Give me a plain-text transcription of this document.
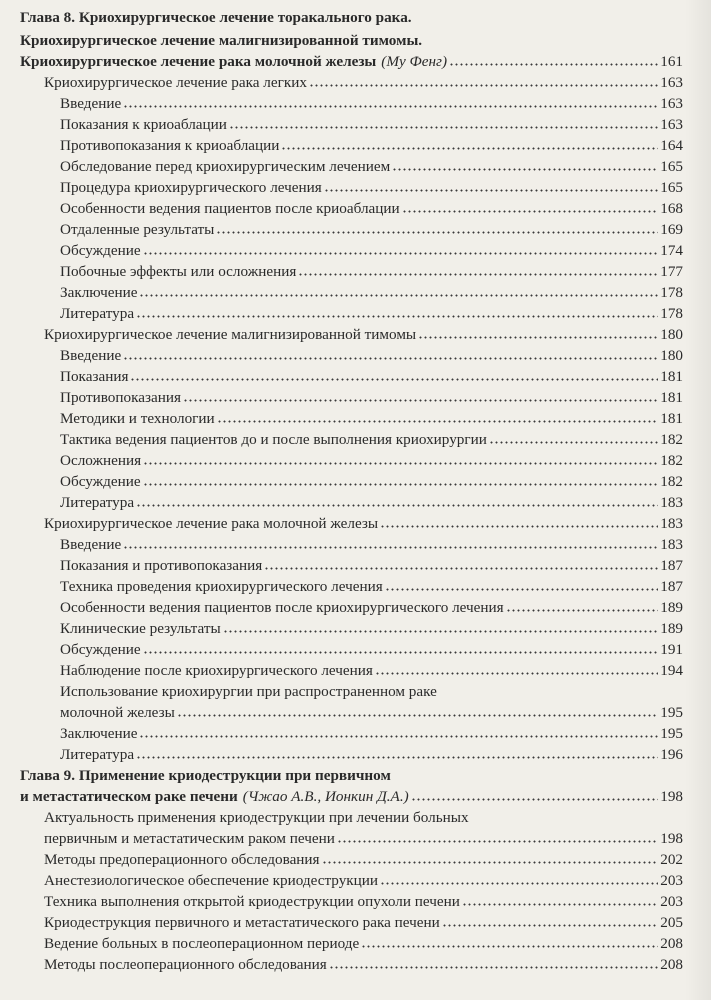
Глава 8. Криохирургическое лечение торакального рака.
Криохирургическое лечение малигнизированной тимомы.
Криохирургическое лечение рака молочной железы (Му Фенг)	161
Криохирургическое лечение рака легких	163
Введение	163
Показания к криоаблации	163
Противопоказания к криоаблации	164
Обследование перед криохирургическим лечением	165
Процедура криохирургического лечения	165
Особенности ведения пациентов после криоаблации	168
Отдаленные результаты	169
Обсуждение	174
Побочные эффекты или осложнения	177
Заключение	178
Литература	178
Криохирургическое лечение малигнизированной тимомы	180
Введение	180
Показания	181
Противопоказания	181
Методики и технологии	181
Тактика ведения пациентов до и после выполнения криохирургии	182
Осложнения	182
Обсуждение	182
Литература	183
Криохирургическое лечение рака молочной железы	183
Введение	183
Показания и противопоказания	187
Техника проведения криохирургического лечения	187
Особенности ведения пациентов после криохирургического лечения	189
Клинические результаты	189
Обсуждение	191
Наблюдение после криохирургического лечения	194
Использование криохирургии при распространенном раке
молочной железы	195
Заключение	195
Литература	196
Глава 9. Применение криодеструкции при первичном
и метастатическом раке печени (Чжао А.В., Ионкин Д.А.)	198
Актуальность применения криодеструкции при лечении больных
первичным и метастатическим раком печени	198
Методы предоперационного обследования	202
Анестезиологическое обеспечение криодеструкции	203
Техника выполнения открытой криодеструкции опухоли печени	203
Криодеструкция первичного и метастатического рака печени	205
Ведение больных в послеоперационном периоде	208
Методы послеоперационного обследования	208
